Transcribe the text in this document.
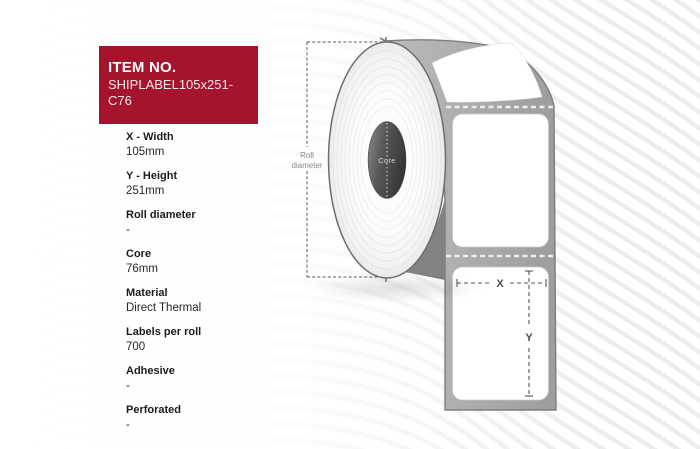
ITEM NO.
SHIPLABEL105x251-C76
X - Width
105mm
Y - Height
251mm
Roll diameter
-
Core
76mm
Material
Direct Thermal
Labels per roll
700
Adhesive
-
Perforated
-
Roll
diameter
Core
X
Y
